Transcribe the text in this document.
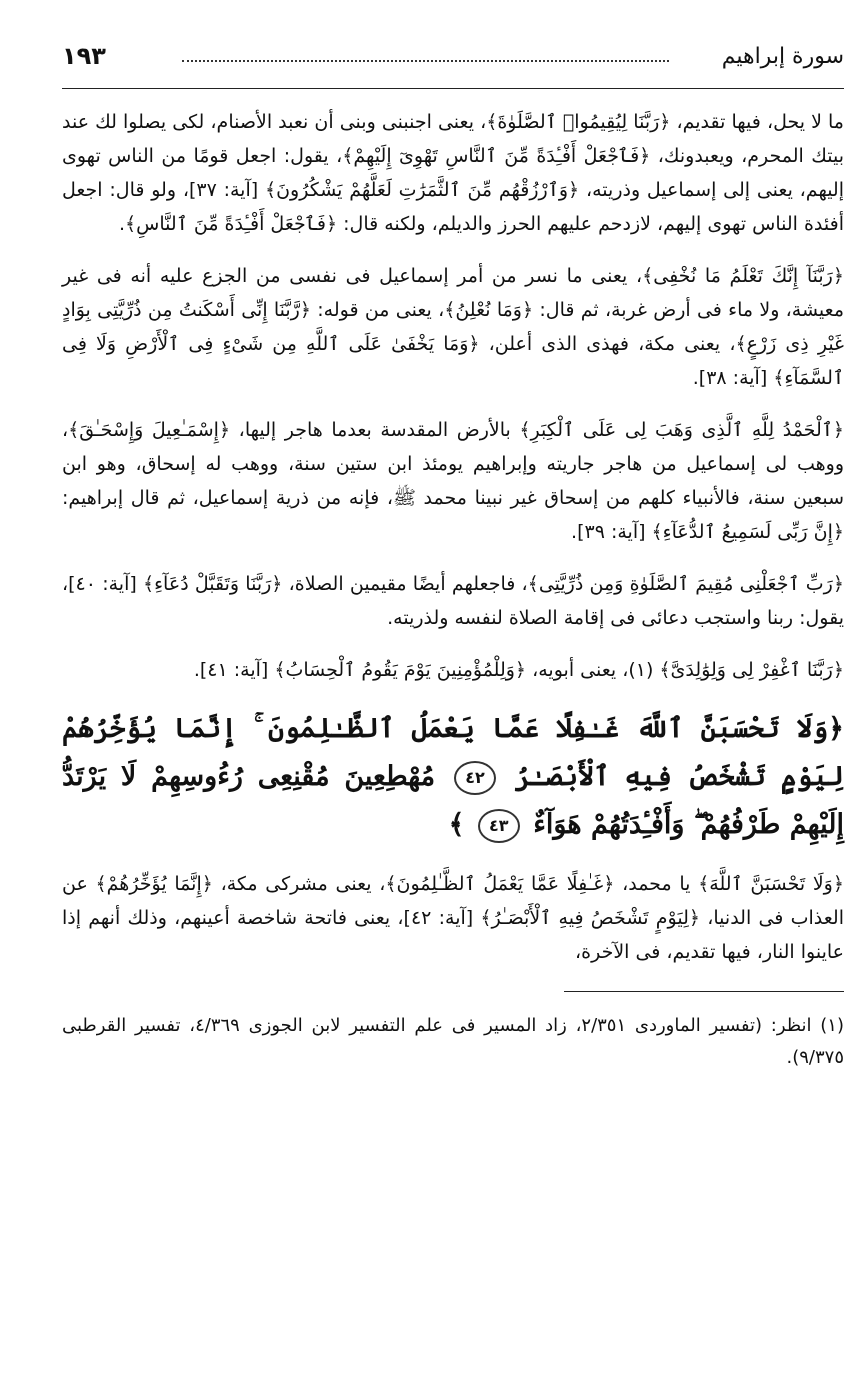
سورة إبراهيم
١٩٣

ما لا يحل، فيها تقديم، ﴿رَبَّنَا لِيُقِيمُوا۟ ٱلصَّلَوٰةَ﴾، يعنى اجنبنى وبنى أن نعبد الأصنام، لكى يصلوا لك عند بيتك المحرم، ويعبدونك، ﴿فَٱجْعَلْ أَفْـِٔدَةً مِّنَ ٱلنَّاسِ تَهْوِىٓ إِلَيْهِمْ﴾، يقول: اجعل قومًا من الناس تهوى إليهم، يعنى إلى إسماعيل وذريته، ﴿وَٱرْزُقْهُم مِّنَ ٱلثَّمَرَٰتِ لَعَلَّهُمْ يَشْكُرُونَ﴾ [آية: ٣٧]، ولو قال: اجعل أفئدة الناس تهوى إليهم، لازدحم عليهم الحرز والديلم، ولكنه قال: ﴿فَٱجْعَلْ أَفْـِٔدَةً مِّنَ ٱلنَّاسِ﴾.

﴿رَبَّنَآ إِنَّكَ تَعْلَمُ مَا نُخْفِى﴾، يعنى ما نسر من أمر إسماعيل فى نفسى من الجزع عليه أنه فى غير معيشة، ولا ماء فى أرض غربة، ثم قال: ﴿وَمَا نُعْلِنُ﴾، يعنى من قوله: ﴿رَّبَّنَا إِنِّى أَسْكَنتُ مِن ذُرِّيَّتِى بِوَادٍ غَيْرِ ذِى زَرْعٍ﴾، يعنى مكة، فهذى الذى أعلن، ﴿وَمَا يَخْفَىٰ عَلَى ٱللَّهِ مِن شَىْءٍ فِى ٱلْأَرْضِ وَلَا فِى ٱلسَّمَآءِ﴾ [آية: ٣٨].

﴿ٱلْحَمْدُ لِلَّهِ ٱلَّذِى وَهَبَ لِى عَلَى ٱلْكِبَرِ﴾ بالأرض المقدسة بعدما هاجر إليها، ﴿إِسْمَـٰعِيلَ وَإِسْحَـٰقَ﴾، ووهب لى إسماعيل من هاجر جاريته وإبراهيم يومئذ ابن ستين سنة، ووهب له إسحاق، وهو ابن سبعين سنة، فالأنبياء كلهم من إسحاق غير نبينا محمد ﷺ، فإنه من ذرية إسماعيل، ثم قال إبراهيم: ﴿إِنَّ رَبِّى لَسَمِيعُ ٱلدُّعَآءِ﴾ [آية: ٣٩].

﴿رَبِّ ٱجْعَلْنِى مُقِيمَ ٱلصَّلَوٰةِ وَمِن ذُرِّيَّتِى﴾، فاجعلهم أيضًا مقيمين الصلاة، ﴿رَبَّنَا وَتَقَبَّلْ دُعَآءِ﴾ [آية: ٤٠]، يقول: ربنا واستجب دعائى فى إقامة الصلاة لنفسه ولذريته.

﴿رَبَّنَا ٱغْفِرْ لِى وَلِوَٰلِدَىَّ﴾ (١)، يعنى أبويه، ﴿وَلِلْمُؤْمِنِينَ يَوْمَ يَقُومُ ٱلْحِسَابُ﴾ [آية: ٤١].

﴿وَلَا تَحْسَبَنَّ ٱللَّهَ غَـٰفِلًا عَمَّا يَعْمَلُ ٱلظَّـٰلِمُونَ ۚ إِنَّمَا يُؤَخِّرُهُمْ لِيَوْمٍ تَشْخَصُ فِيهِ ٱلْأَبْصَـٰرُ ٤٢ مُهْطِعِينَ مُقْنِعِى رُءُوسِهِمْ لَا يَرْتَدُّ إِلَيْهِمْ طَرْفُهُمْ ۖ وَأَفْـِٔدَتُهُمْ هَوَآءٌ ٤٣ ﴾

﴿وَلَا تَحْسَبَنَّ ٱللَّهَ﴾ يا محمد، ﴿غَـٰفِلًا عَمَّا يَعْمَلُ ٱلظَّـٰلِمُونَ﴾، يعنى مشركى مكة، ﴿إِنَّمَا يُؤَخِّرُهُمْ﴾ عن العذاب فى الدنيا، ﴿لِيَوْمٍ تَشْخَصُ فِيهِ ٱلْأَبْصَـٰرُ﴾ [آية: ٤٢]، يعنى فاتحة شاخصة أعينهم، وذلك أنهم إذا عاينوا النار، فيها تقديم، فى الآخرة،

(١) انظر: (تفسير الماوردى ٢/٣٥١، زاد المسير فى علم التفسير لابن الجوزى ٤/٣٦٩، تفسير القرطبى ٩/٣٧٥).
